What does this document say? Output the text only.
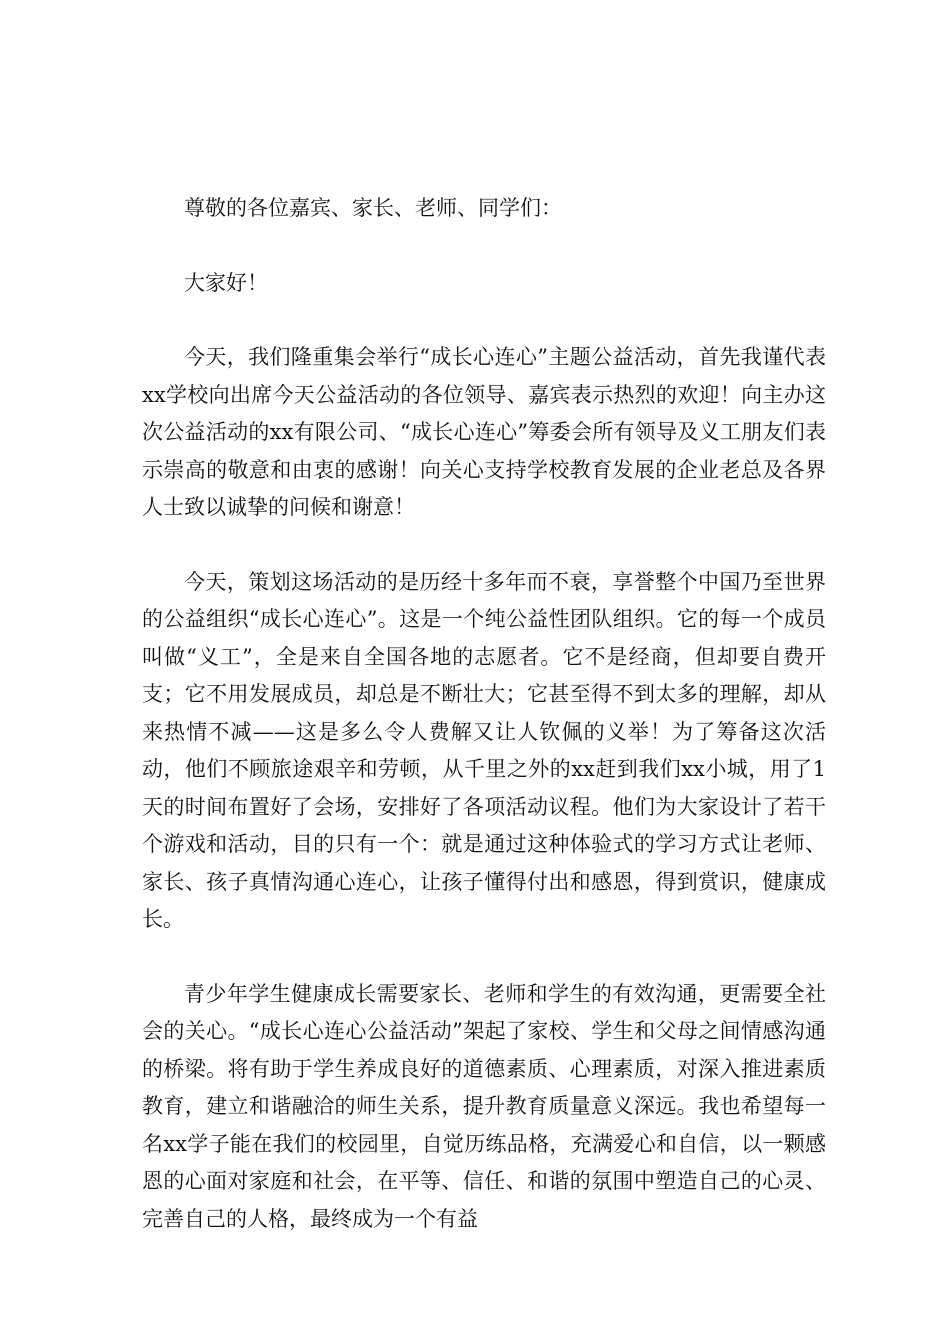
尊敬的各位嘉宾、家长、老师、同学们：

大家好！

今天，我们隆重集会举行“成长心连心”主题公益活动，首先我谨代表xx学校向出席今天公益活动的各位领导、嘉宾表示热烈的欢迎！向主办这次公益活动的xx有限公司、“成长心连心”筹委会所有领导及义工朋友们表示崇高的敬意和由衷的感谢！向关心支持学校教育发展的企业老总及各界人士致以诚挚的问候和谢意！

今天，策划这场活动的是历经十多年而不衰，享誉整个中国乃至世界的公益组织“成长心连心”。这是一个纯公益性团队组织。它的每一个成员叫做“义工”，全是来自全国各地的志愿者。它不是经商，但却要自费开支；它不用发展成员，却总是不断壮大；它甚至得不到太多的理解，却从来热情不减——这是多么令人费解又让人钦佩的义举！为了筹备这次活动，他们不顾旅途艰辛和劳顿，从千里之外的xx赶到我们xx小城，用了1天的时间布置好了会场，安排好了各项活动议程。他们为大家设计了若干个游戏和活动，目的只有一个：就是通过这种体验式的学习方式让老师、家长、孩子真情沟通心连心，让孩子懂得付出和感恩，得到赏识，健康成长。

青少年学生健康成长需要家长、老师和学生的有效沟通，更需要全社会的关心。“成长心连心公益活动”架起了家校、学生和父母之间情感沟通的桥梁。将有助于学生养成良好的道德素质、心理素质，对深入推进素质教育，建立和谐融洽的师生关系，提升教育质量意义深远。我也希望每一名xx学子能在我们的校园里，自觉历练品格，充满爱心和自信，以一颗感恩的心面对家庭和社会，在平等、信任、和谐的氛围中塑造自己的心灵、完善自己的人格，最终成为一个有益
